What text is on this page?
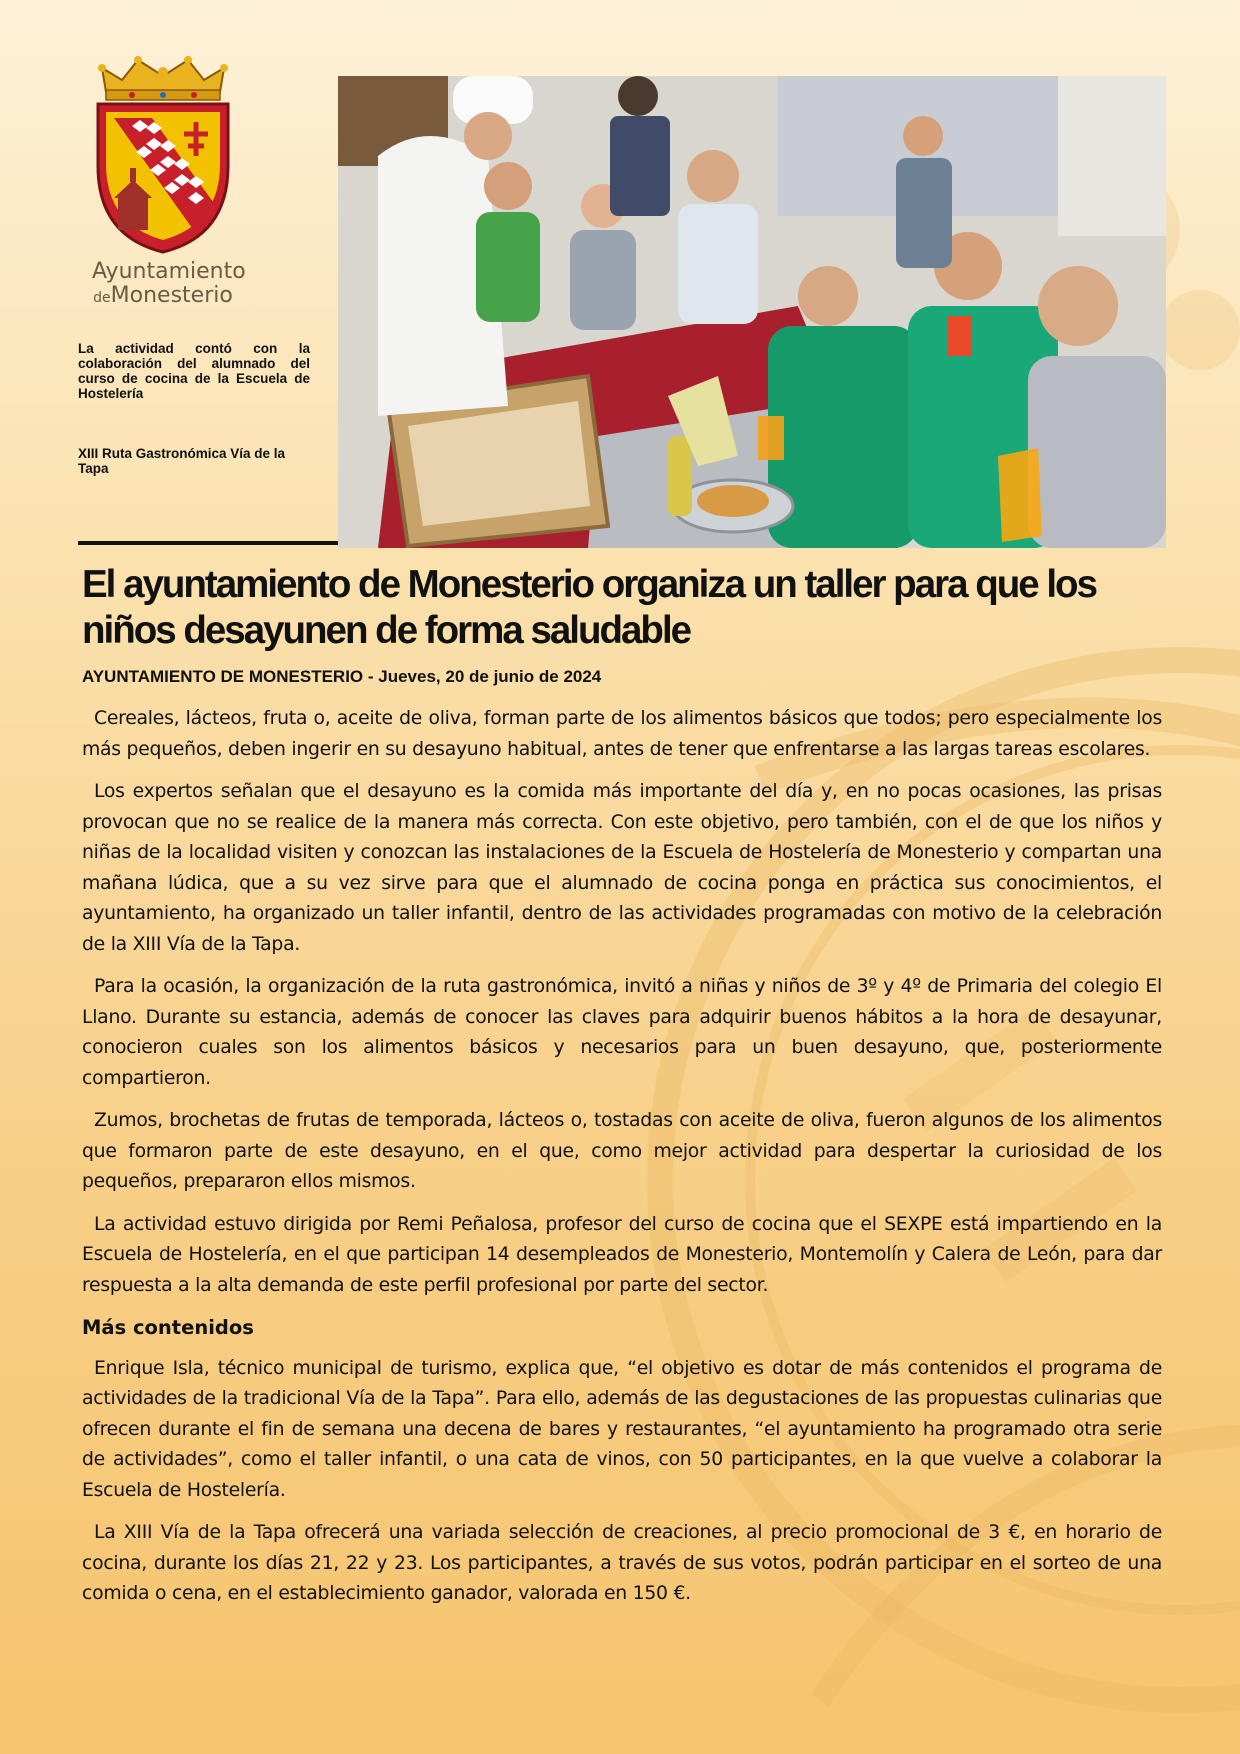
Ayuntamiento
deMonesterio
La actividad contó con la colaboración del alumnado del curso de cocina de la Escuela de Hostelería
XIII Ruta Gastronómica Vía de la Tapa
El ayuntamiento de Monesterio organiza un taller para que los niños desayunen de forma saludable
AYUNTAMIENTO DE MONESTERIO - Jueves, 20 de junio de 2024

Cereales, lácteos, fruta o, aceite de oliva, forman parte de los alimentos básicos que todos; pero especialmente los más pequeños, deben ingerir en su desayuno habitual, antes de tener que enfrentarse a las largas tareas escolares.

Los expertos señalan que el desayuno es la comida más importante del día y, en no pocas ocasiones, las prisas provocan que no se realice de la manera más correcta. Con este objetivo, pero también, con el de que los niños y niñas de la localidad visiten y conozcan las instalaciones de la Escuela de Hostelería de Monesterio y compartan una mañana lúdica, que a su vez sirve para que el alumnado de cocina ponga en práctica sus conocimientos, el ayuntamiento, ha organizado un taller infantil, dentro de las actividades programadas con motivo de la celebración de la XIII Vía de la Tapa.

Para la ocasión, la organización de la ruta gastronómica, invitó a niñas y niños de 3º y 4º de Primaria del colegio El Llano. Durante su estancia, además de conocer las claves para adquirir buenos hábitos a la hora de desayunar, conocieron cuales son los alimentos básicos y necesarios para un buen desayuno, que, posteriormente compartieron.

Zumos, brochetas de frutas de temporada, lácteos o, tostadas con aceite de oliva, fueron algunos de los alimentos que formaron parte de este desayuno, en el que, como mejor actividad para despertar la curiosidad de los pequeños, prepararon ellos mismos.

La actividad estuvo dirigida por Remi Peñalosa, profesor del curso de cocina que el SEXPE está impartiendo en la Escuela de Hostelería, en el que participan 14 desempleados de Monesterio, Montemolín y Calera de León, para dar respuesta a la alta demanda de este perfil profesional por parte del sector.

Más contenidos

Enrique Isla, técnico municipal de turismo, explica que, “el objetivo es dotar de más contenidos el programa de actividades de la tradicional Vía de la Tapa”. Para ello, además de las degustaciones de las propuestas culinarias que ofrecen durante el fin de semana una decena de bares y restaurantes, “el ayuntamiento ha programado otra serie de actividades”, como el taller infantil, o una cata de vinos, con 50 participantes, en la que vuelve a colaborar la Escuela de Hostelería.

La XIII Vía de la Tapa ofrecerá una variada selección de creaciones, al precio promocional de 3 €, en horario de cocina, durante los días 21, 22 y 23. Los participantes, a través de sus votos, podrán participar en el sorteo de una comida o cena, en el establecimiento ganador, valorada en 150 €.
